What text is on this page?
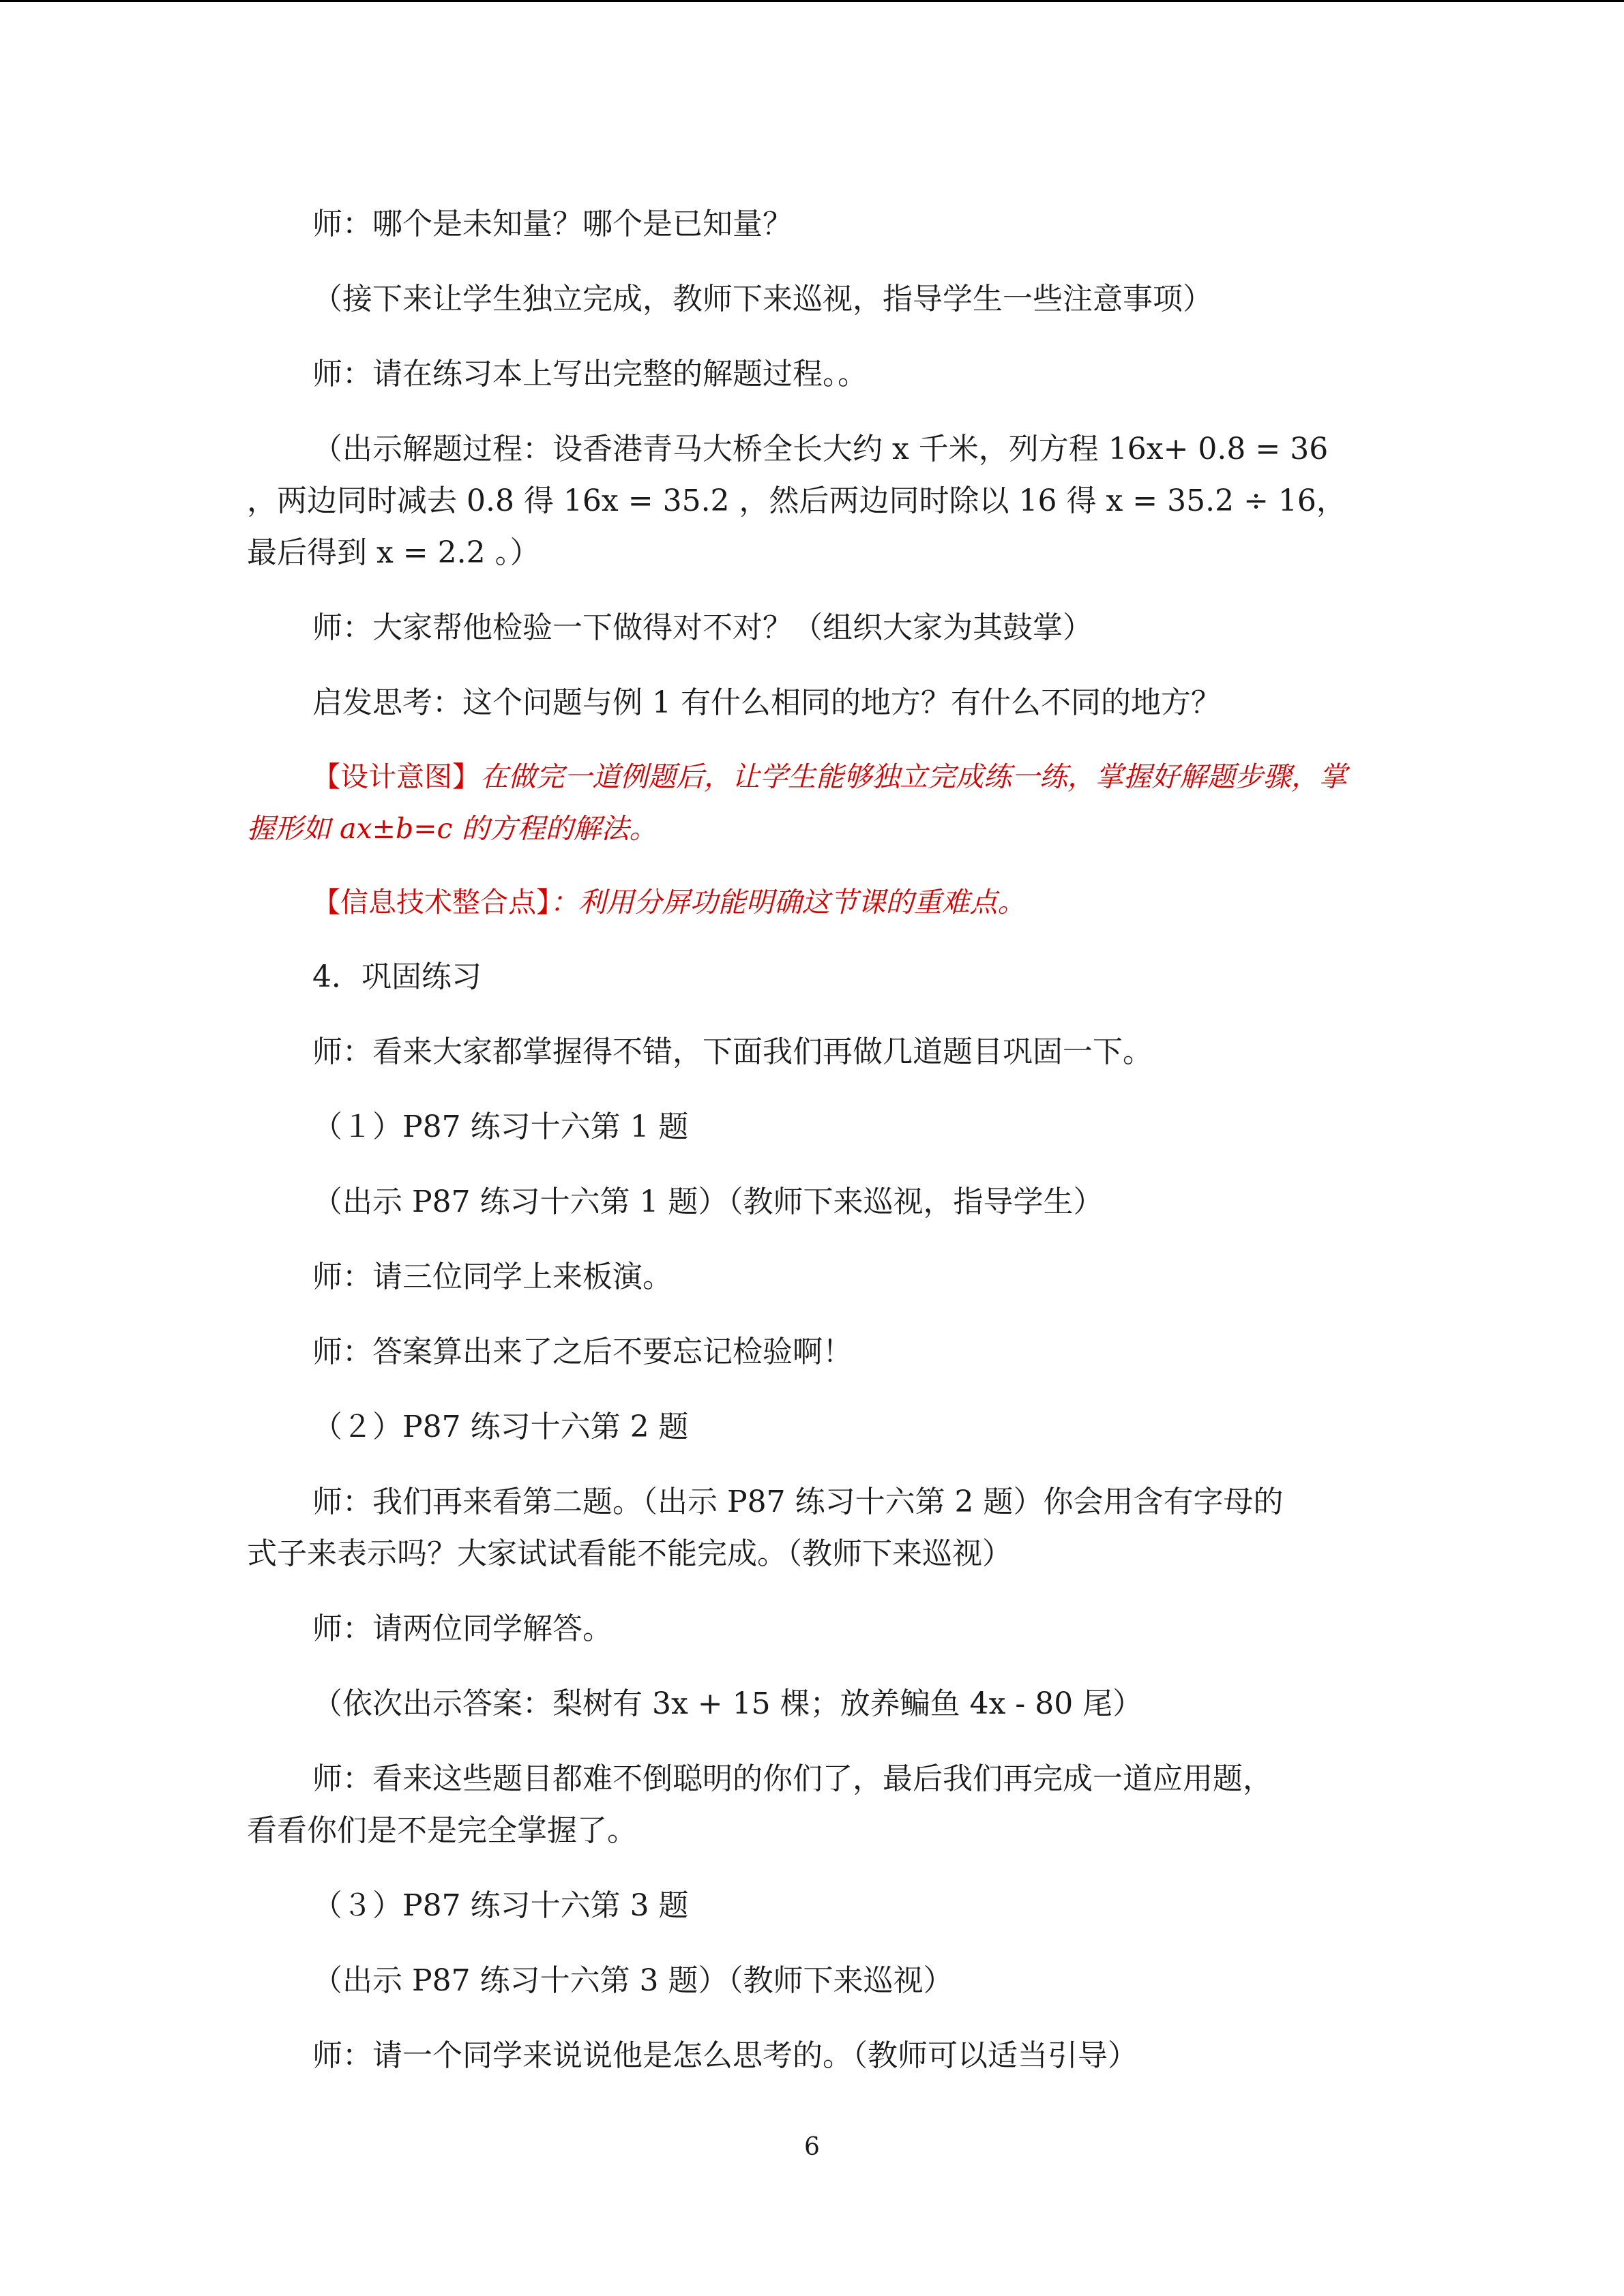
师：哪个是未知量？哪个是已知量？
（接下来让学生独立完成，教师下来巡视，指导学生一些注意事项）
师：请在练习本上写出完整的解题过程。。
（出示解题过程：设香港青马大桥全长大约 x 千米，列方程 16x+ 0.8 = 36
，两边同时减去 0.8 得 16x = 35.2 ，然后两边同时除以 16 得 x = 35.2 ÷ 16，
最后得到 x = 2.2 。）
师：大家帮他检验一下做得对不对？（组织大家为其鼓掌）
启发思考：这个问题与例 1 有什么相同的地方？有什么不同的地方？
【设计意图】在做完一道例题后，让学生能够独立完成练一练，掌握好解题步骤，掌
握形如 ax±b=c 的方程的解法。
【信息技术整合点】：利用分屏功能明确这节课的重难点。
4．巩固练习
师：看来大家都掌握得不错，下面我们再做几道题目巩固一下。
（１）P87 练习十六第 1 题
（出示 P87 练习十六第 1 题）（教师下来巡视，指导学生）
师：请三位同学上来板演。
师：答案算出来了之后不要忘记检验啊！
（２）P87 练习十六第 2 题
师：我们再来看第二题。（出示 P87 练习十六第 2 题）你会用含有字母的
式子来表示吗？大家试试看能不能完成。（教师下来巡视）
师：请两位同学解答。
（依次出示答案：梨树有 3x + 15 棵；放养鳊鱼 4x - 80 尾）
师：看来这些题目都难不倒聪明的你们了，最后我们再完成一道应用题，
看看你们是不是完全掌握了。
（３）P87 练习十六第 3 题
（出示 P87 练习十六第 3 题）（教师下来巡视）
师：请一个同学来说说他是怎么思考的。（教师可以适当引导）
6
